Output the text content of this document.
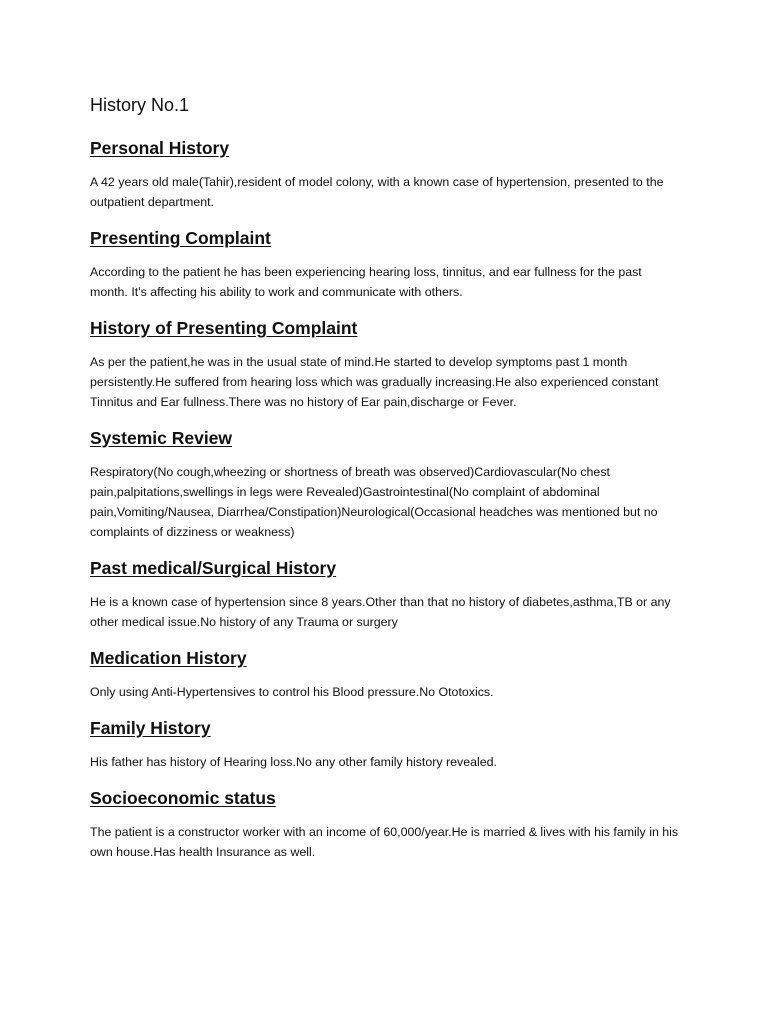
History No.1
Personal History

A 42 years old male(Tahir),resident of model colony, with a known case of hypertension, presented to the outpatient department.

Presenting Complaint

According to the patient he has been experiencing hearing loss, tinnitus, and ear fullness for the past month. It's affecting his ability to work and communicate with others.

History of Presenting Complaint

As per the patient,he was in the usual state of mind.He started to develop symptoms past 1 month persistently.He suffered from hearing loss which was gradually increasing.He also experienced constant Tinnitus and Ear fullness.There was no history of Ear pain,discharge or Fever.

Systemic Review

Respiratory(No cough,wheezing or shortness of breath was observed)Cardiovascular(No chest pain,palpitations,swellings in legs were Revealed)Gastrointestinal(No complaint of abdominal pain,Vomiting/Nausea, Diarrhea/Constipation)Neurological(Occasional headches was mentioned but no complaints of dizziness or weakness)

Past medical/Surgical History

He is a known case of hypertension since 8 years.Other than that no history of diabetes,asthma,TB or any other medical issue.No history of any Trauma or surgery

Medication History

Only using Anti-Hypertensives to control his Blood pressure.No Ototoxics.

Family History

His father has history of Hearing loss.No any other family history revealed.

Socioeconomic status

The patient is a constructor worker with an income of 60,000/year.He is married & lives with his family in his own house.Has health Insurance as well.
